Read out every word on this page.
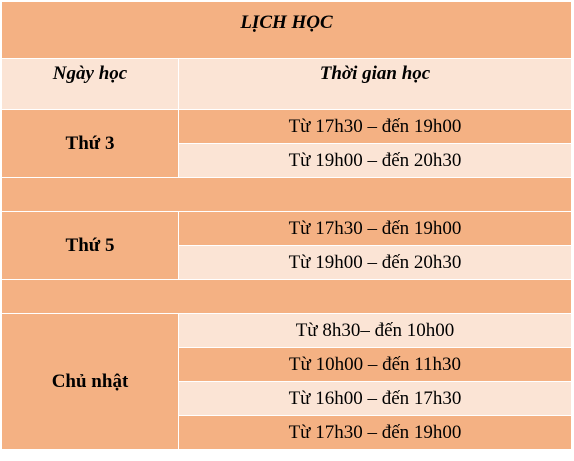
LỊCH HỌC	
Ngày học	Thời gian học
Thứ 3	Từ 17h30 – đến 19h00
	Từ 19h00 – đến 20h30

Thứ 5	Từ 17h30 – đến 19h00
	Từ 19h00 – đến 20h30

Chủ nhật	Từ 8h30– đến 10h00
	Từ 10h00 – đến 11h30
	Từ 16h00 – đến 17h30
	Từ 17h30 – đến 19h00
